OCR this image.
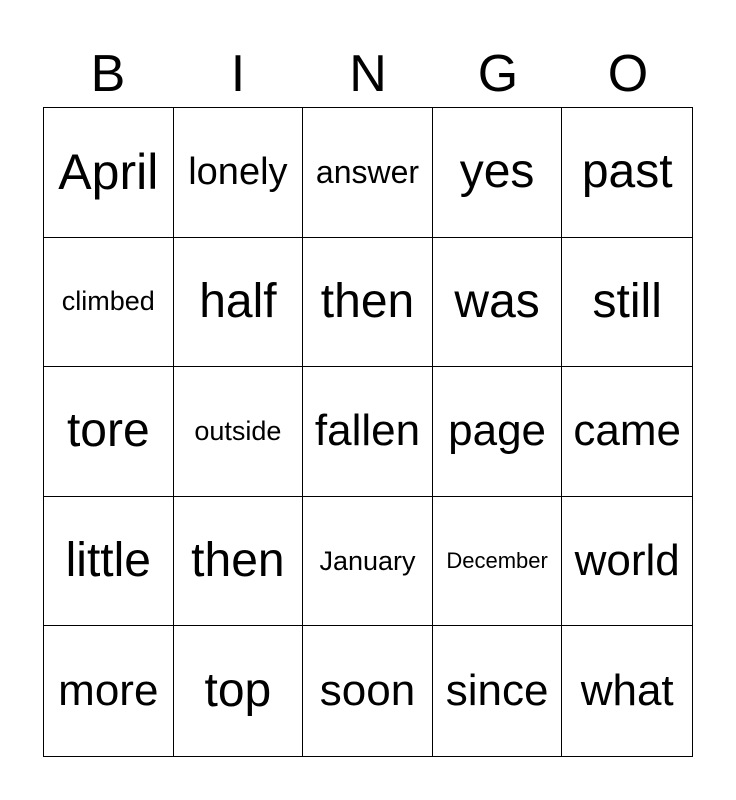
B	I	N	G	O
April lonely answer yes past
climbed half then was	still
tore	outside fallen page came
little then	January	December world
more top	soon since what
